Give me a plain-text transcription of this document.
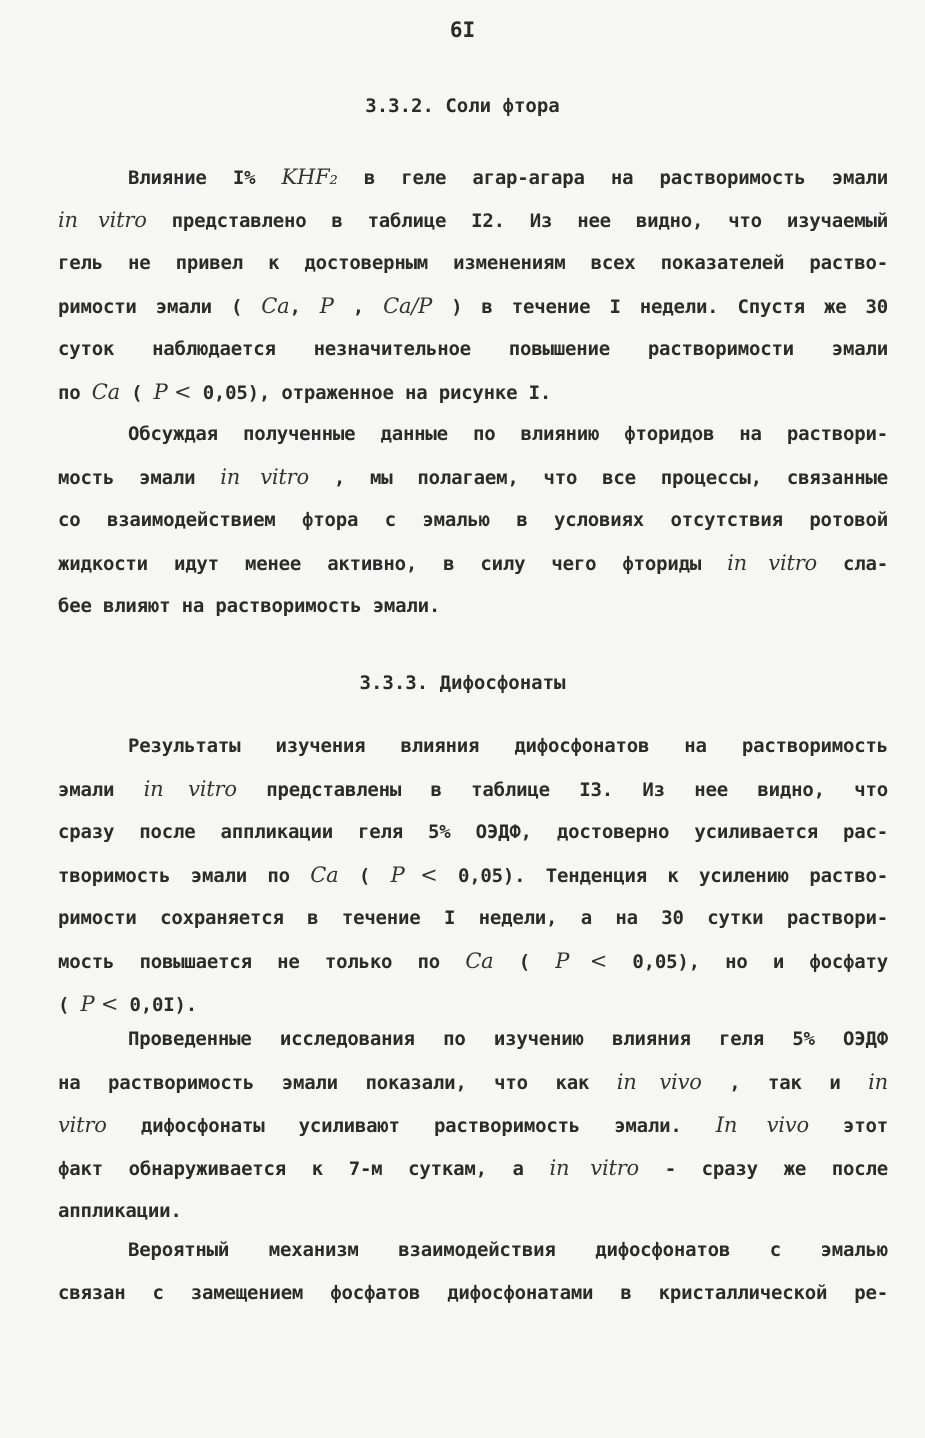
6I
3.3.2. Соли фтора
Влияние I% KHF₂ в геле агар-агара на растворимость эмали
in vitro представлено в таблице I2. Из нее видно, что изучаемый
гель не привел к достоверным изменениям всех показателей раство-
римости эмали ( Ca, P , Ca/P ) в течение I недели. Спустя же 30
суток наблюдается незначительное повышение растворимости эмали
по Ca ( P < 0,05), отраженное на рисунке I.
Обсуждая полученные данные по влиянию фторидов на раствори-
мость эмали in vitro , мы полагаем, что все процессы, связанные
со взаимодействием фтора с эмалью в условиях отсутствия ротовой
жидкости идут менее активно, в силу чего фториды in vitro сла-
бее влияют на растворимость эмали.
3.3.3. Дифосфонаты
Результаты изучения влияния дифосфонатов на растворимость
эмали in vitro представлены в таблице I3. Из нее видно, что
сразу после аппликации геля 5% ОЭДФ, достоверно усиливается рас-
творимость эмали по Ca ( P < 0,05). Тенденция к усилению раство-
римости сохраняется в течение I недели, а на 30 сутки раствори-
мость повышается не только по Ca ( P < 0,05), но и фосфату
( P < 0,0I).
Проведенные исследования по изучению влияния геля 5% ОЭДФ
на растворимость эмали показали, что как in vivo , так и in
vitro дифосфонаты усиливают растворимость эмали. In vivo этот
факт обнаруживается к 7-м суткам, а in vitro - сразу же после
аппликации.
Вероятный механизм взаимодействия дифосфонатов с эмалью
связан с замещением фосфатов дифосфонатами в кристаллической ре-
